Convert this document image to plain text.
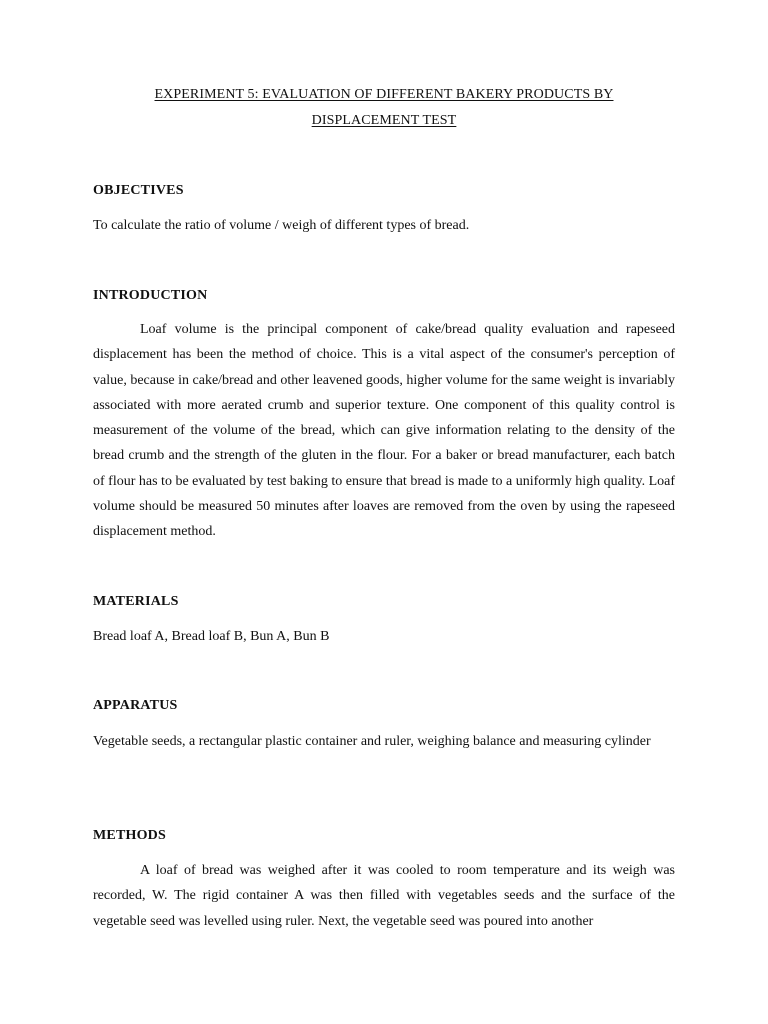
EXPERIMENT 5: EVALUATION OF DIFFERENT BAKERY PRODUCTS BY
DISPLACEMENT TEST
OBJECTIVES
To calculate the ratio of volume / weigh of different types of bread.
INTRODUCTION
Loaf volume is the principal component of cake/bread quality evaluation and rapeseed displacement has been the method of choice. This is a vital aspect of the consumer's perception of value, because in cake/bread and other leavened goods, higher volume for the same weight is invariably associated with more aerated crumb and superior texture. One component of this quality control is measurement of the volume of the bread, which can give information relating to the density of the bread crumb and the strength of the gluten in the flour. For a baker or bread manufacturer, each batch of flour has to be evaluated by test baking to ensure that bread is made to a uniformly high quality. Loaf volume should be measured 50 minutes after loaves are removed from the oven by using the rapeseed displacement method.
MATERIALS
Bread loaf A, Bread loaf B, Bun A, Bun B
APPARATUS
Vegetable seeds, a rectangular plastic container and ruler, weighing balance and measuring cylinder
METHODS
A loaf of bread was weighed after it was cooled to room temperature and its weigh was recorded, W. The rigid container A was then filled with vegetables seeds and the surface of the vegetable seed was levelled using ruler. Next, the vegetable seed was poured into another
